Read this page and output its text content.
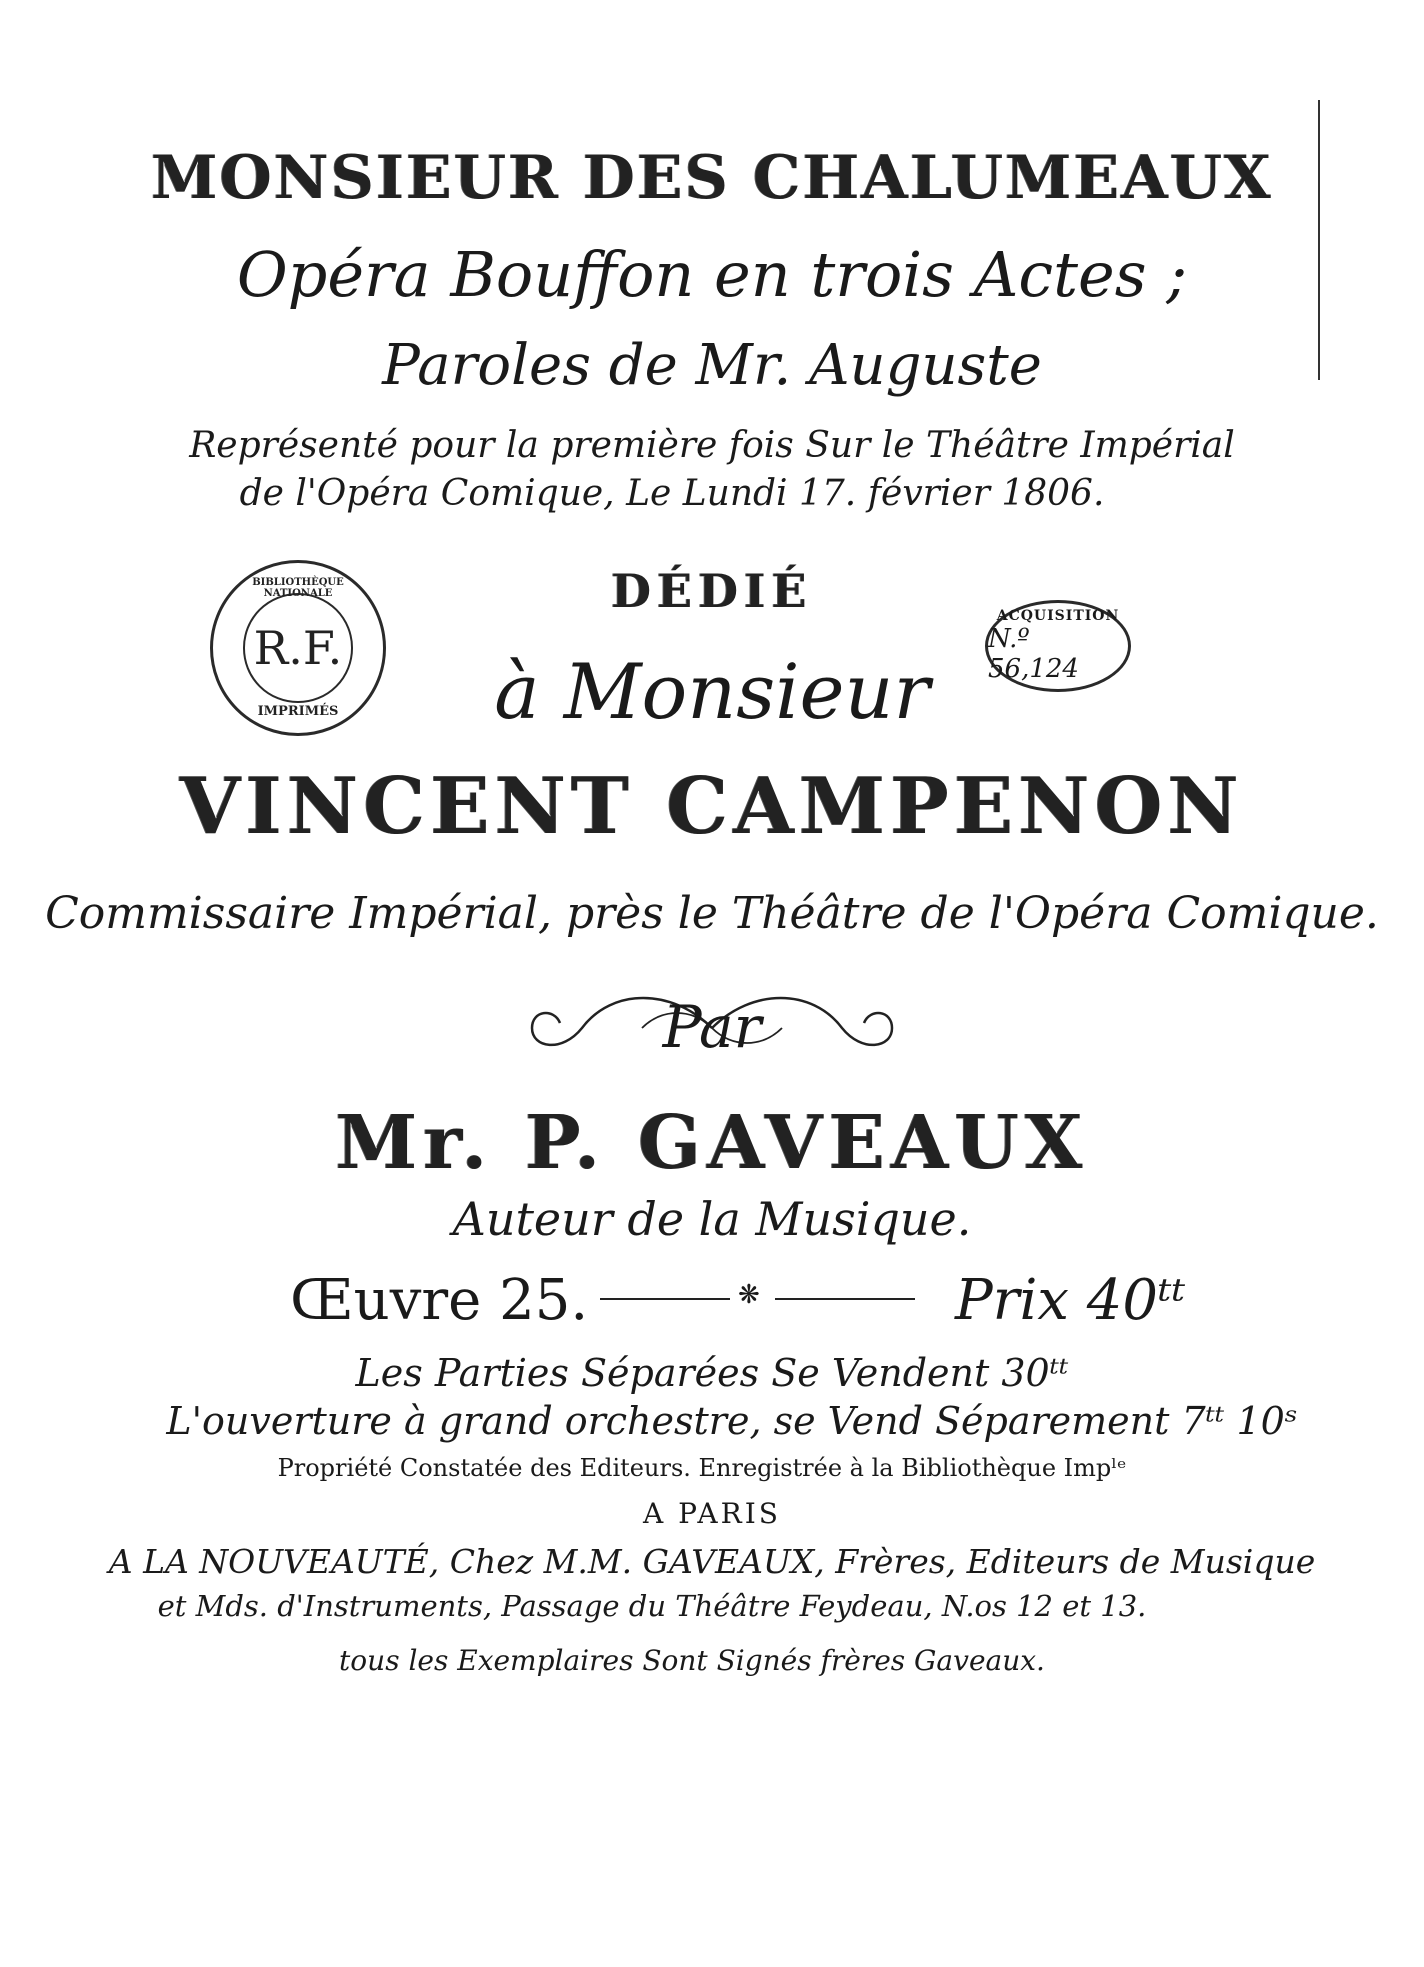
MONSIEUR DES CHALUMEAUX
Opéra Bouffon en trois Actes ;
Paroles de Mr. Auguste
Représenté pour la première fois Sur le Théâtre Impérial
de l'Opéra Comique, Le Lundi 17. février 1806.
DÉDIÉ
à Monsieur
VINCENT CAMPENON
Commissaire Impérial, près le Théâtre de l'Opéra Comique.
Par
Mr. P. GAVEAUX
Auteur de la Musique.
Œuvre 25.	❋	Prix 40ᵗᵗ
Les Parties Séparées Se Vendent 30ᵗᵗ
L'ouverture à grand orchestre, se Vend Séparement 7ᵗᵗ 10ˢ
Propriété Constatée des Editeurs. Enregistrée à la Bibliothèque Impˡᵉ
A PARIS
A LA NOUVEAUTÉ, Chez M.M. GAVEAUX, Frères, Editeurs de Musique
et Mds. d'Instruments, Passage du Théâtre Feydeau, N.os 12 et 13.
tous les Exemplaires Sont Signés frères Gaveaux.
BIBLIOTHÈQUE NATIONALE
R.F.
IMPRIMÉS
ACQUISITION
N.º 56,124
